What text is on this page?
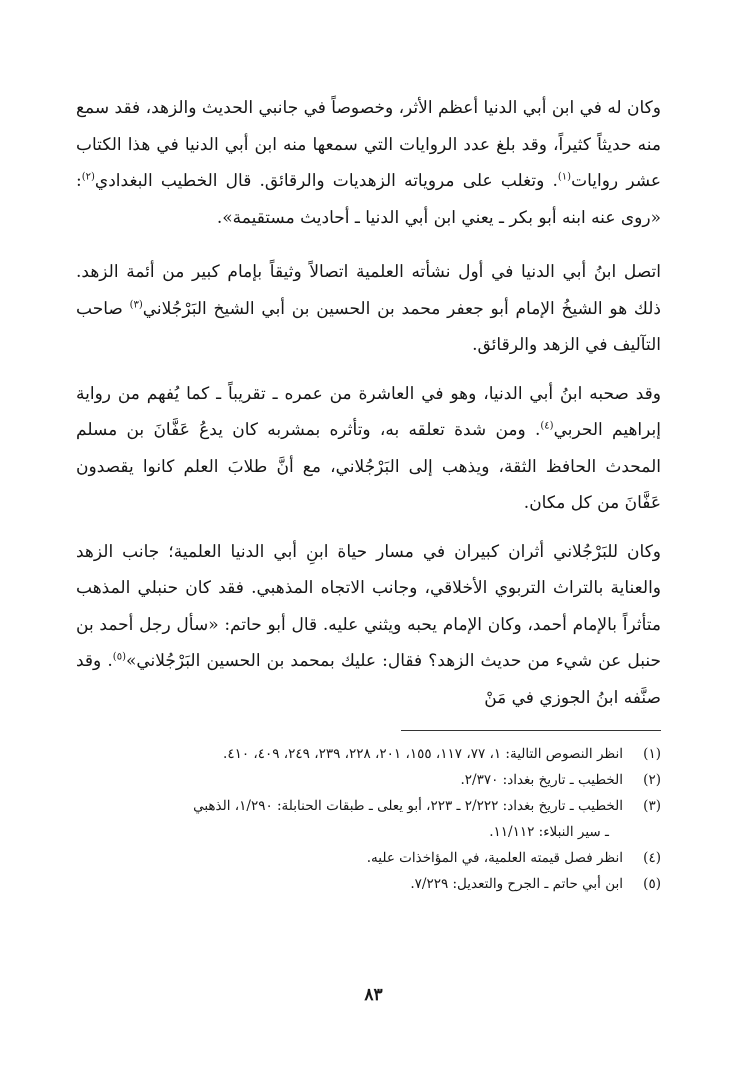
وكان له في ابن أبي الدنيا أعظم الأثر، وخصوصاً في جانبي الحديث والزهد، فقد سمع منه حديثاً كثيراً، وقد بلغ عدد الروايات التي سمعها منه ابن أبي الدنيا في هذا الكتاب عشر روايات$^{(١)}$. وتغلب على مروياته الزهديات والرقائق. قال الخطيب البغدادي$^{(٢)}$: «روى عنه ابنه أبو بكر ـ يعني ابن أبي الدنيا ـ أحاديث مستقيمة».

اتصل ابنُ أبي الدنيا في أول نشأته العلمية اتصالاً وثيقاً بإمام كبير من أئمة الزهد. ذلك هو الشيخُ الإمام أبو جعفر محمد بن الحسين بن أبي الشيخ البَرْجُلاني$^{(٣)}$ صاحب التآليف في الزهد والرقائق.

وقد صحبه ابنُ أبي الدنيا، وهو في العاشرة من عمره ـ تقريباً ـ كما يُفهم من رواية إبراهيم الحربي$^{(٤)}$. ومن شدة تعلقه به، وتأثره بمشربه كان يدعُ عَفَّانَ بن مسلم المحدث الحافظ الثقة، ويذهب إلى البَرْجُلاني، مع أنَّ طلابَ العلم كانوا يقصدون عَفَّانَ من كل مكان.

وكان للبَرْجُلاني أثران كبيران في مسار حياة ابنِ أبي الدنيا العلمية؛ جانب الزهد والعناية بالتراث التربوي الأخلاقي، وجانب الاتجاه المذهبي. فقد كان حنبلي المذهب متأثراً بالإمام أحمد، وكان الإمام يحبه ويثني عليه. قال أبو حاتم: «سأل رجل أحمد بن حنبل عن شيء من حديث الزهد؟ فقال: عليك بمحمد بن الحسين البَرْجُلاني»$^{(٥)}$. وقد صنَّفه ابنُ الجوزي في مَنْ

(١)
انظر النصوص التالية: ١، ٧٧، ١١٧، ١٥٥، ٢٠١، ٢٢٨، ٢٣٩، ٢٤٩، ٤٠٩، ٤١٠.
(٢)
الخطيب ـ تاريخ بغداد: ٢/٣٧٠.
(٣)
الخطيب ـ تاريخ بغداد: ٢/٢٢٢ ـ ٢٢٣، أبو يعلى ـ طبقات الحنابلة: ١/٢٩٠، الذهبي
ـ سير النبلاء: ١١/١١٢.
(٤)
انظر فصل قيمته العلمية، في المؤاخذات عليه.
(٥)
ابن أبي حاتم ـ الجرح والتعديل: ٧/٢٢٩.
٨٣
